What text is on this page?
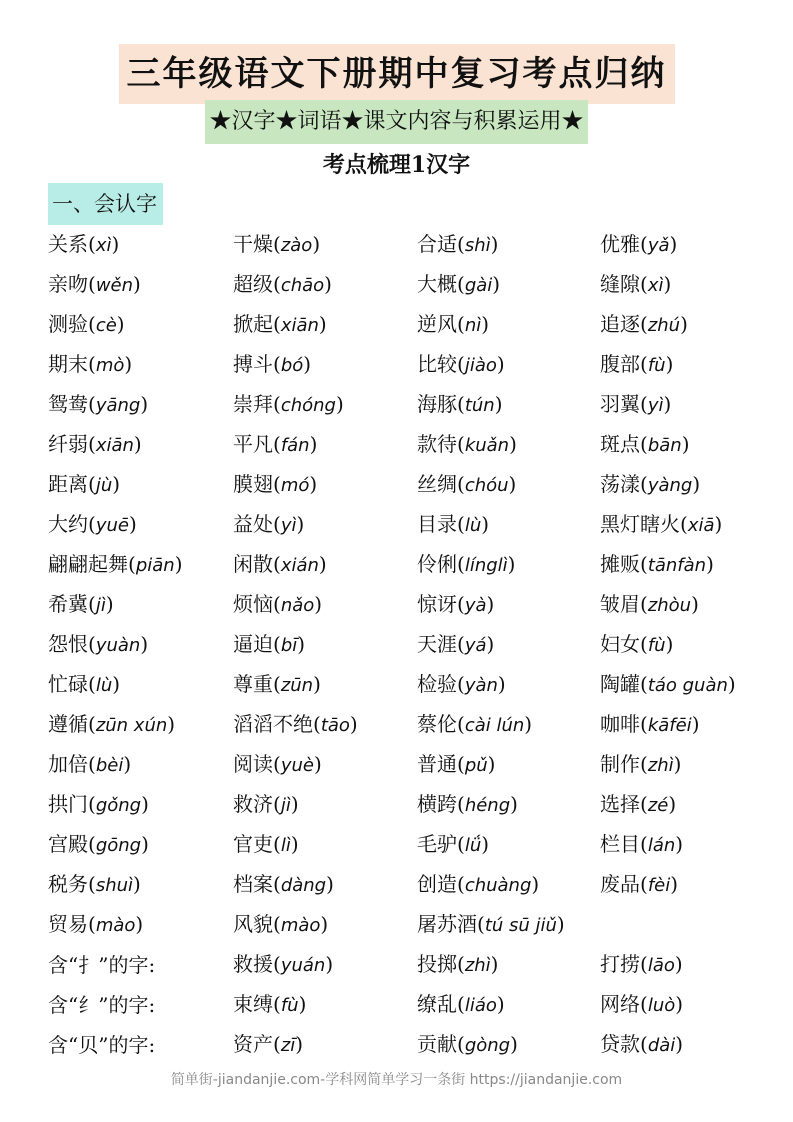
三年级语文下册期中复习考点归纳
★汉字★词语★课文内容与积累运用★
考点梳理1汉字
一、会认字
关系(xì)	干燥(zào)	合适(shì)	优雅(yǎ)
亲吻(wěn)	超级(chāo)	大概(gài)	缝隙(xì)
测验(cè)	掀起(xiān)	逆风(nì)	追逐(zhú)
期末(mò)	搏斗(bó)	比较(jiào)	腹部(fù)
鸳鸯(yāng)	崇拜(chóng)	海豚(tún)	羽翼(yì)
纤弱(xiān)	平凡(fán)	款待(kuǎn)	斑点(bān)
距离(jù)	膜翅(mó)	丝绸(chóu)	荡漾(yàng)
大约(yuē)	益处(yì)	目录(lù)	黑灯瞎火(xiā)
翩翩起舞(piān)	闲散(xián)	伶俐(línglì)	摊贩(tānfàn)
希冀(jì)	烦恼(nǎo)	惊讶(yà)	皱眉(zhòu)
怨恨(yuàn)	逼迫(bī)	天涯(yá)	妇女(fù)
忙碌(lù)	尊重(zūn)	检验(yàn)	陶罐(táo guàn)
遵循(zūn xún)	滔滔不绝(tāo)	蔡伦(cài lún)	咖啡(kāfēi)
加倍(bèi)	阅读(yuè)	普通(pǔ)	制作(zhì)
拱门(gǒng)	救济(jì)	横跨(héng)	选择(zé)
宫殿(gōng)	官吏(lì)	毛驴(lǘ)	栏目(lán)
税务(shuì)	档案(dàng)	创造(chuàng)	废品(fèi)
贸易(mào)	风貌(mào)	屠苏酒(tú sū jiǔ)
含“扌”的字:	救援(yuán)	投掷(zhì)	打捞(lāo)
含“纟”的字:	束缚(fù)	缭乱(liáo)	网络(luò)
含“贝”的字:	资产(zī)	贡献(gòng)	贷款(dài)
简单街-jiandanjie.com-学科网简单学习一条街 https://jiandanjie.com
